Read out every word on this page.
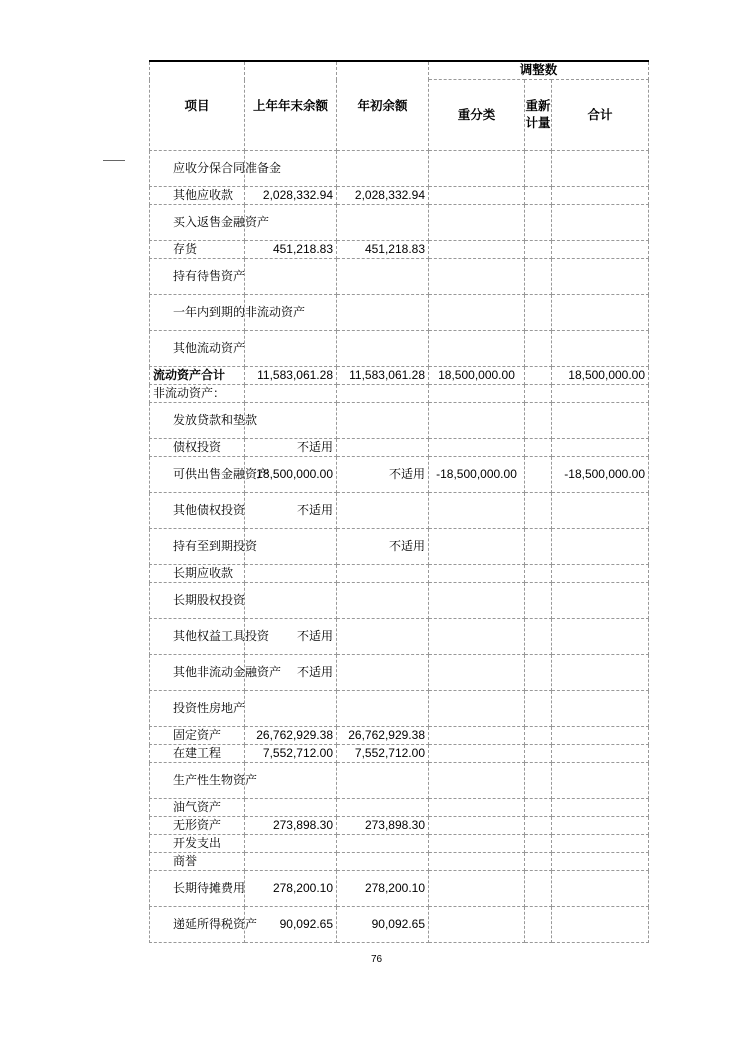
项目	上年年末余额	年初余额	调整数		
			重分类	重新计量	合计
应收分保合同准备金					
其他应收款	2,028,332.94	2,028,332.94			
买入返售金融资产					
存货	451,218.83	451,218.83			
持有待售资产					
一年内到期的非流动资产					
其他流动资产					
流动资产合计	11,583,061.28	11,583,061.28	18,500,000.00		18,500,000.00
非流动资产：					
发放贷款和垫款					
债权投资	不适用				
可供出售金融资产	18,500,000.00	不适用	-18,500,000.00		-18,500,000.00
其他债权投资	不适用				
持有至到期投资		不适用			
长期应收款					
长期股权投资					
其他权益工具投资	不适用				
其他非流动金融资产	不适用				
投资性房地产					
固定资产	26,762,929.38	26,762,929.38			
在建工程	7,552,712.00	7,552,712.00			
生产性生物资产					
油气资产					
无形资产	273,898.30	273,898.30			
开发支出					
商誉					
长期待摊费用	278,200.10	278,200.10			
递延所得税资产	90,092.65	90,092.65			
76
